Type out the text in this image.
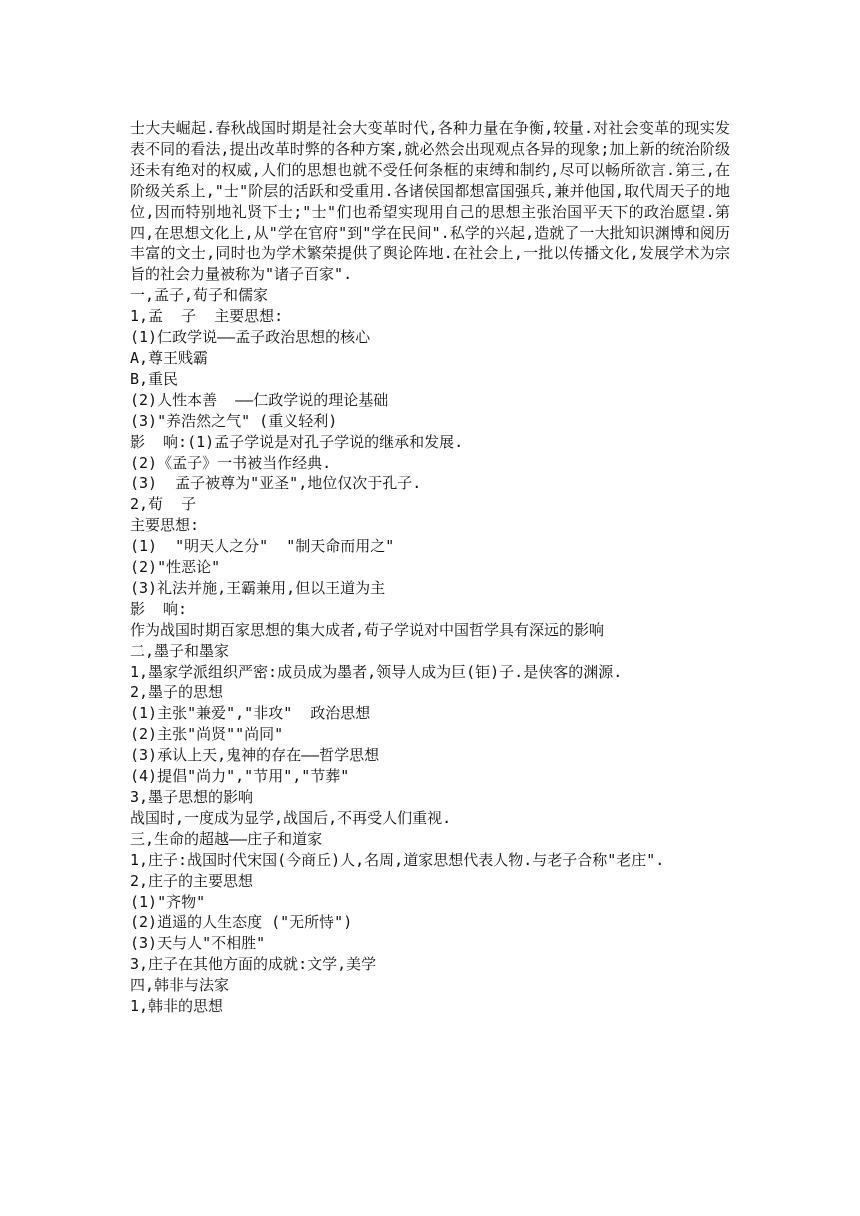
士大夫崛起.春秋战国时期是社会大变革时代,各种力量在争衡,较量.对社会变革的现实发表不同的看法,提出改革时弊的各种方案,就必然会出现观点各异的现象;加上新的统治阶级还未有绝对的权威,人们的思想也就不受任何条框的束缚和制约,尽可以畅所欲言.第三,在阶级关系上,"士"阶层的活跃和受重用.各诸侯国都想富国强兵,兼并他国,取代周天子的地位,因而特别地礼贤下士;"士"们也希望实现用自己的思想主张治国平天下的政治愿望.第四,在思想文化上,从"学在官府"到"学在民间".私学的兴起,造就了一大批知识渊博和阅历丰富的文士,同时也为学术繁荣提供了舆论阵地.在社会上,一批以传播文化,发展学术为宗旨的社会力量被称为"诸子百家".

一,孟子,荀子和儒家
1,孟  子  主要思想:
(1)仁政学说——孟子政治思想的核心
A,尊王贱霸
B,重民
(2)人性本善  ——仁政学说的理论基础
(3)"养浩然之气" (重义轻利)
影  响:(1)孟子学说是对孔子学说的继承和发展.
(2)《孟子》一书被当作经典.
(3)  孟子被尊为"亚圣",地位仅次于孔子.
2,荀  子
主要思想:
(1)  "明天人之分"  "制天命而用之"
(2)"性恶论"
(3)礼法并施,王霸兼用,但以王道为主
影  响:
作为战国时期百家思想的集大成者,荀子学说对中国哲学具有深远的影响
二,墨子和墨家
1,墨家学派组织严密:成员成为墨者,领导人成为巨(钜)子.是侠客的渊源.
2,墨子的思想
(1)主张"兼爱","非攻"  政治思想
(2)主张"尚贤""尚同"
(3)承认上天,鬼神的存在——哲学思想
(4)提倡"尚力","节用","节葬"
3,墨子思想的影响
战国时,一度成为显学,战国后,不再受人们重视.
三,生命的超越——庄子和道家
1,庄子:战国时代宋国(今商丘)人,名周,道家思想代表人物.与老子合称"老庄".
2,庄子的主要思想
(1)"齐物"
(2)逍遥的人生态度 ("无所恃")
(3)天与人"不相胜"
3,庄子在其他方面的成就:文学,美学
四,韩非与法家
1,韩非的思想
